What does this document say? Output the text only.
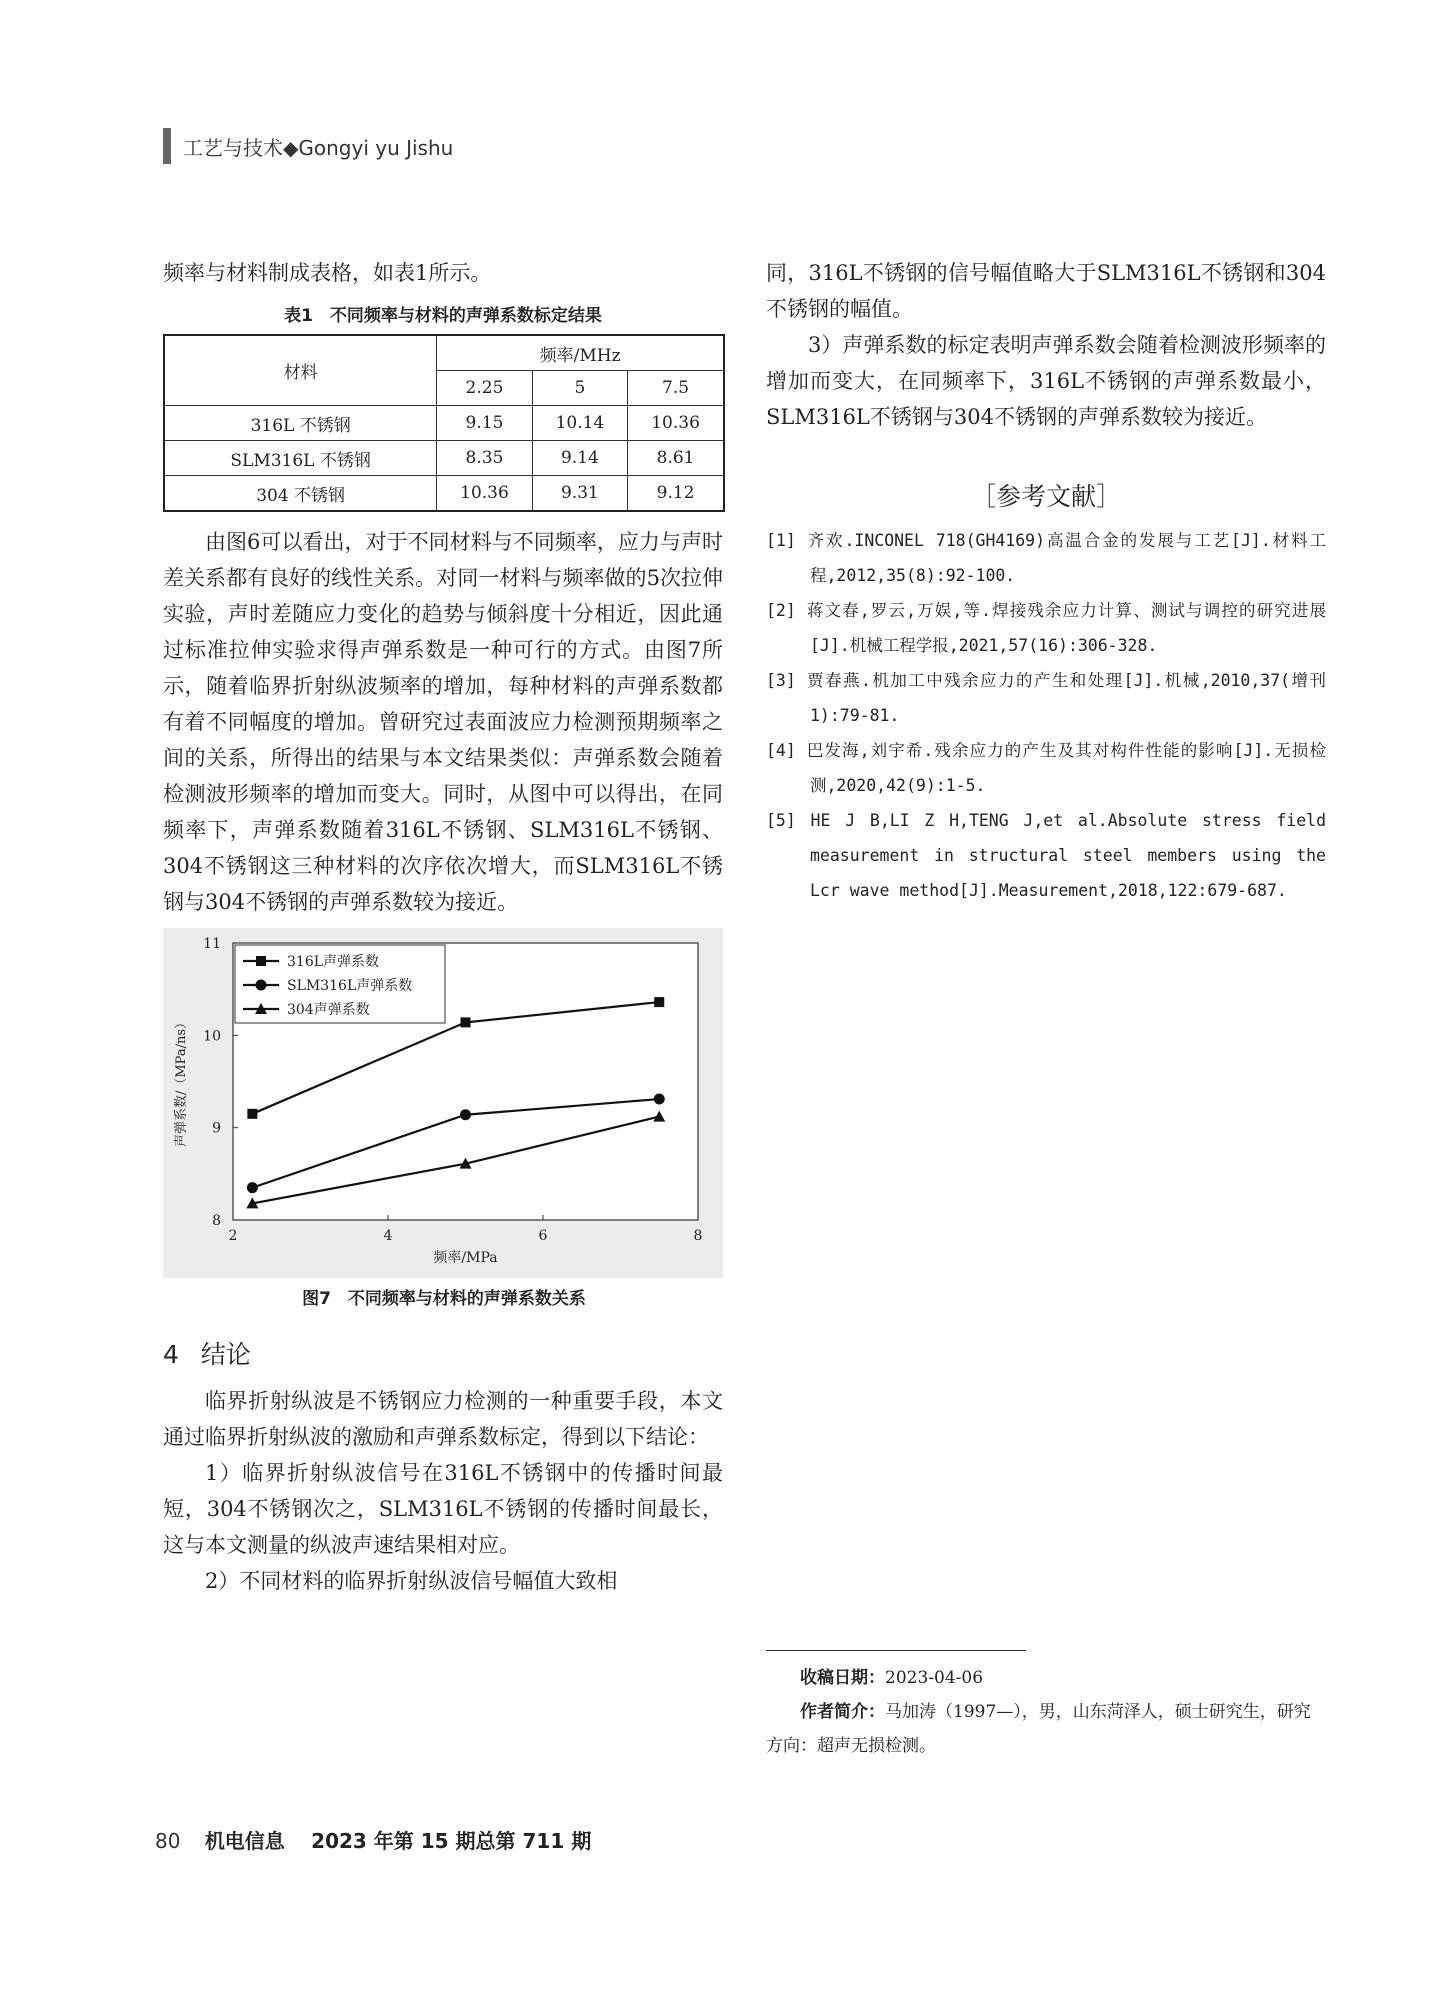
工艺与技术◆Gongyi yu Jishu

频率与材料制成表格，如表1所示。

表1　不同频率与材料的声弹系数标定结果
材料	频率/MHz		
	2.25	5	7.5
316L 不锈钢	9.15	10.14	10.36
SLM316L 不锈钢	8.35	9.14	8.61
304 不锈钢	10.36	9.31	9.12

由图6可以看出，对于不同材料与不同频率，应力与声时差关系都有良好的线性关系。对同一材料与频率做的5次拉伸实验，声时差随应力变化的趋势与倾斜度十分相近，因此通过标准拉伸实验求得声弹系数是一种可行的方式。由图7所示，随着临界折射纵波频率的增加，每种材料的声弹系数都有着不同幅度的增加。曾研究过表面波应力检测预期频率之间的关系，所得出的结果与本文结果类似：声弹系数会随着检测波形频率的增加而变大。同时，从图中可以得出，在同频率下，声弹系数随着316L不锈钢、SLM316L不锈钢、304不锈钢这三种材料的次序依次增大，而SLM316L不锈钢与304不锈钢的声弹系数较为接近。

2	4	6	8
8
9
10
11
频率/MPa
声弹系数/（MPa/ns）
316L声弹系数
SLM316L声弹系数
304声弹系数
图7　不同频率与材料的声弹系数关系
4 结论

临界折射纵波是不锈钢应力检测的一种重要手段，本文通过临界折射纵波的激励和声弹系数标定，得到以下结论：

1）临界折射纵波信号在316L不锈钢中的传播时间最短，304不锈钢次之，SLM316L不锈钢的传播时间最长，这与本文测量的纵波声速结果相对应。

2）不同材料的临界折射纵波信号幅值大致相

同，316L不锈钢的信号幅值略大于SLM316L不锈钢和304不锈钢的幅值。

3）声弹系数的标定表明声弹系数会随着检测波形频率的增加而变大，在同频率下，316L不锈钢的声弹系数最小，SLM316L不锈钢与304不锈钢的声弹系数较为接近。

［参考文献］
[1] 齐欢.INCONEL 718(GH4169)高温合金的发展与工艺[J].材料工程,2012,35(8):92-100.
[2] 蒋文春,罗云,万娱,等.焊接残余应力计算、测试与调控的研究进展[J].机械工程学报,2021,57(16):306-328.
[3] 贾春燕.机加工中残余应力的产生和处理[J].机械,2010,37(增刊1):79-81.
[4] 巴发海,刘宇希.残余应力的产生及其对构件性能的影响[J].无损检测,2020,42(9):1-5.
[5] HE J B,LI Z H,TENG J,et al.Absolute stress field measurement in structural steel members using the Lcr wave method[J].Measurement,2018,122:679-687.

收稿日期：2023-04-06

作者简介：马加涛（1997—），男，山东菏泽人，硕士研究生，研究方向：超声无损检测。

80 机电信息 2023 年第 15 期总第 711 期
